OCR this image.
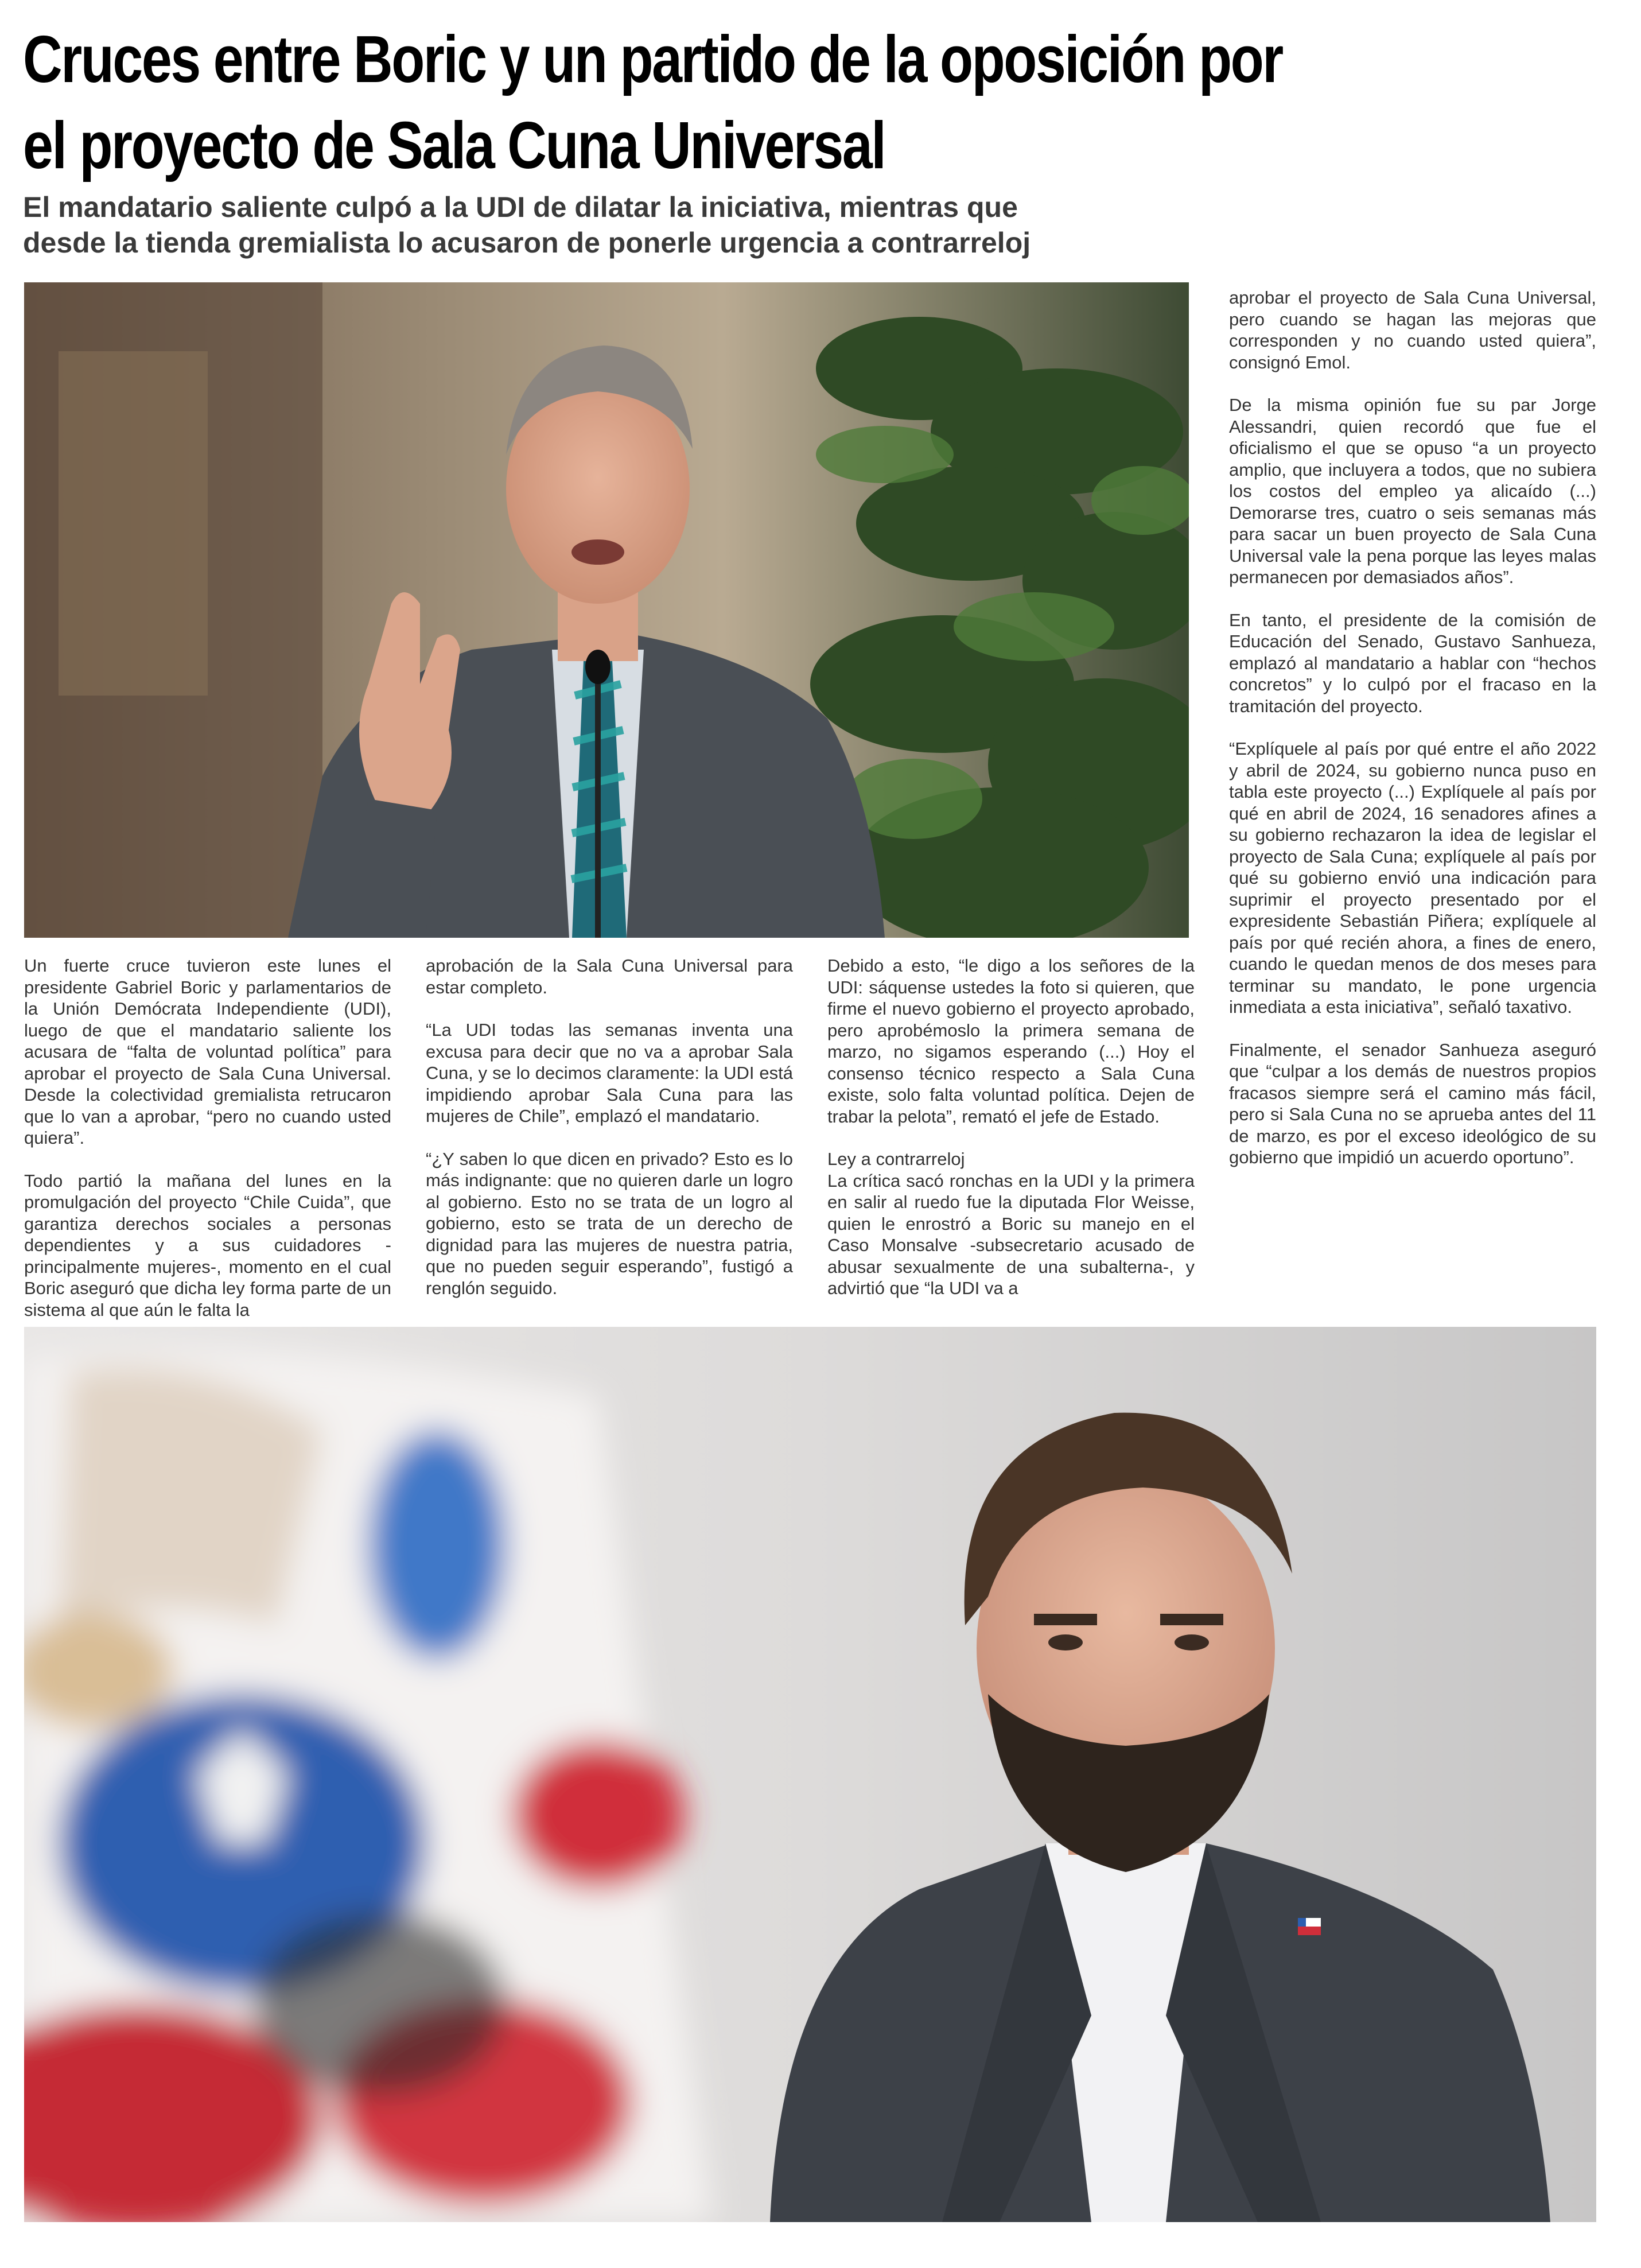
Cruces entre Boric y un partido de la oposición por
el proyecto de Sala Cuna Universal
El mandatario saliente culpó a la UDI de dilatar la iniciativa, mientras que
desde la tienda gremialista lo acusaron de ponerle urgencia a contrarreloj

Un fuerte cruce tuvieron este lunes el presidente Gabriel Boric y parlamentarios de la Unión Demócrata Independiente (UDI), luego de que el mandatario saliente los acusara de “falta de voluntad política” para aprobar el proyecto de Sala Cuna Universal. Desde la colectividad gremialista retrucaron que lo van a aprobar, “pero no cuando usted quiera”.

Todo partió la mañana del lunes en la promulgación del proyecto “Chile Cuida”, que garantiza derechos sociales a personas dependientes y a sus cuidadores -principalmente mujeres-, momento en el cual Boric aseguró que dicha ley forma parte de un sistema al que aún le falta la

aprobación de la Sala Cuna Universal para estar completo.

“La UDI todas las semanas inventa una excusa para decir que no va a aprobar Sala Cuna, y se lo decimos claramente: la UDI está impidiendo aprobar Sala Cuna para las mujeres de Chile”, emplazó el mandatario.

“¿Y saben lo que dicen en privado? Esto es lo más indignante: que no quieren darle un logro al gobierno. Esto no se trata de un logro al gobierno, esto se trata de un derecho de dignidad para las mujeres de nuestra patria, que no pueden seguir esperando”, fustigó a renglón seguido.

Debido a esto, “le digo a los señores de la UDI: sáquense ustedes la foto si quieren, que firme el nuevo gobierno el proyecto aprobado, pero aprobémoslo la primera semana de marzo, no sigamos esperando (...) Hoy el consenso técnico respecto a Sala Cuna existe, solo falta voluntad política. Dejen de trabar la pelota”, remató el jefe de Estado.

Ley a contrarreloj
La crítica sacó ronchas en la UDI y la primera en salir al ruedo fue la diputada Flor Weisse, quien le enrostró a Boric su manejo en el Caso Monsalve -subsecretario acusado de abusar sexualmente de una subalterna-, y advirtió que “la UDI va a

aprobar el proyecto de Sala Cuna Universal, pero cuando se hagan las mejoras que corresponden y no cuando usted quiera”, consignó Emol.

De la misma opinión fue su par Jorge Alessandri, quien recordó que fue el oficialismo el que se opuso “a un proyecto amplio, que incluyera a todos, que no subiera los costos del empleo ya alicaído (...) Demorarse tres, cuatro o seis semanas más para sacar un buen proyecto de Sala Cuna Universal vale la pena porque las leyes malas permanecen por demasiados años”.

En tanto, el presidente de la comisión de Educación del Senado, Gustavo Sanhueza, emplazó al mandatario a hablar con “hechos concretos” y lo culpó por el fracaso en la tramitación del proyecto.

“Explíquele al país por qué entre el año 2022 y abril de 2024, su gobierno nunca puso en tabla este proyecto (...) Explíquele al país por qué en abril de 2024, 16 senadores afines a su gobierno rechazaron la idea de legislar el proyecto de Sala Cuna; explíquele al país por qué su gobierno envió una indicación para suprimir el proyecto presentado por el expresidente Sebastián Piñera; explíquele al país por qué recién ahora, a fines de enero, cuando le quedan menos de dos meses para terminar su mandato, le pone urgencia inmediata a esta iniciativa”, señaló taxativo.

Finalmente, el senador Sanhueza aseguró que “culpar a los demás de nuestros propios fracasos siempre será el camino más fácil, pero si Sala Cuna no se aprueba antes del 11 de marzo, es por el exceso ideológico de su gobierno que impidió un acuerdo oportuno”.
